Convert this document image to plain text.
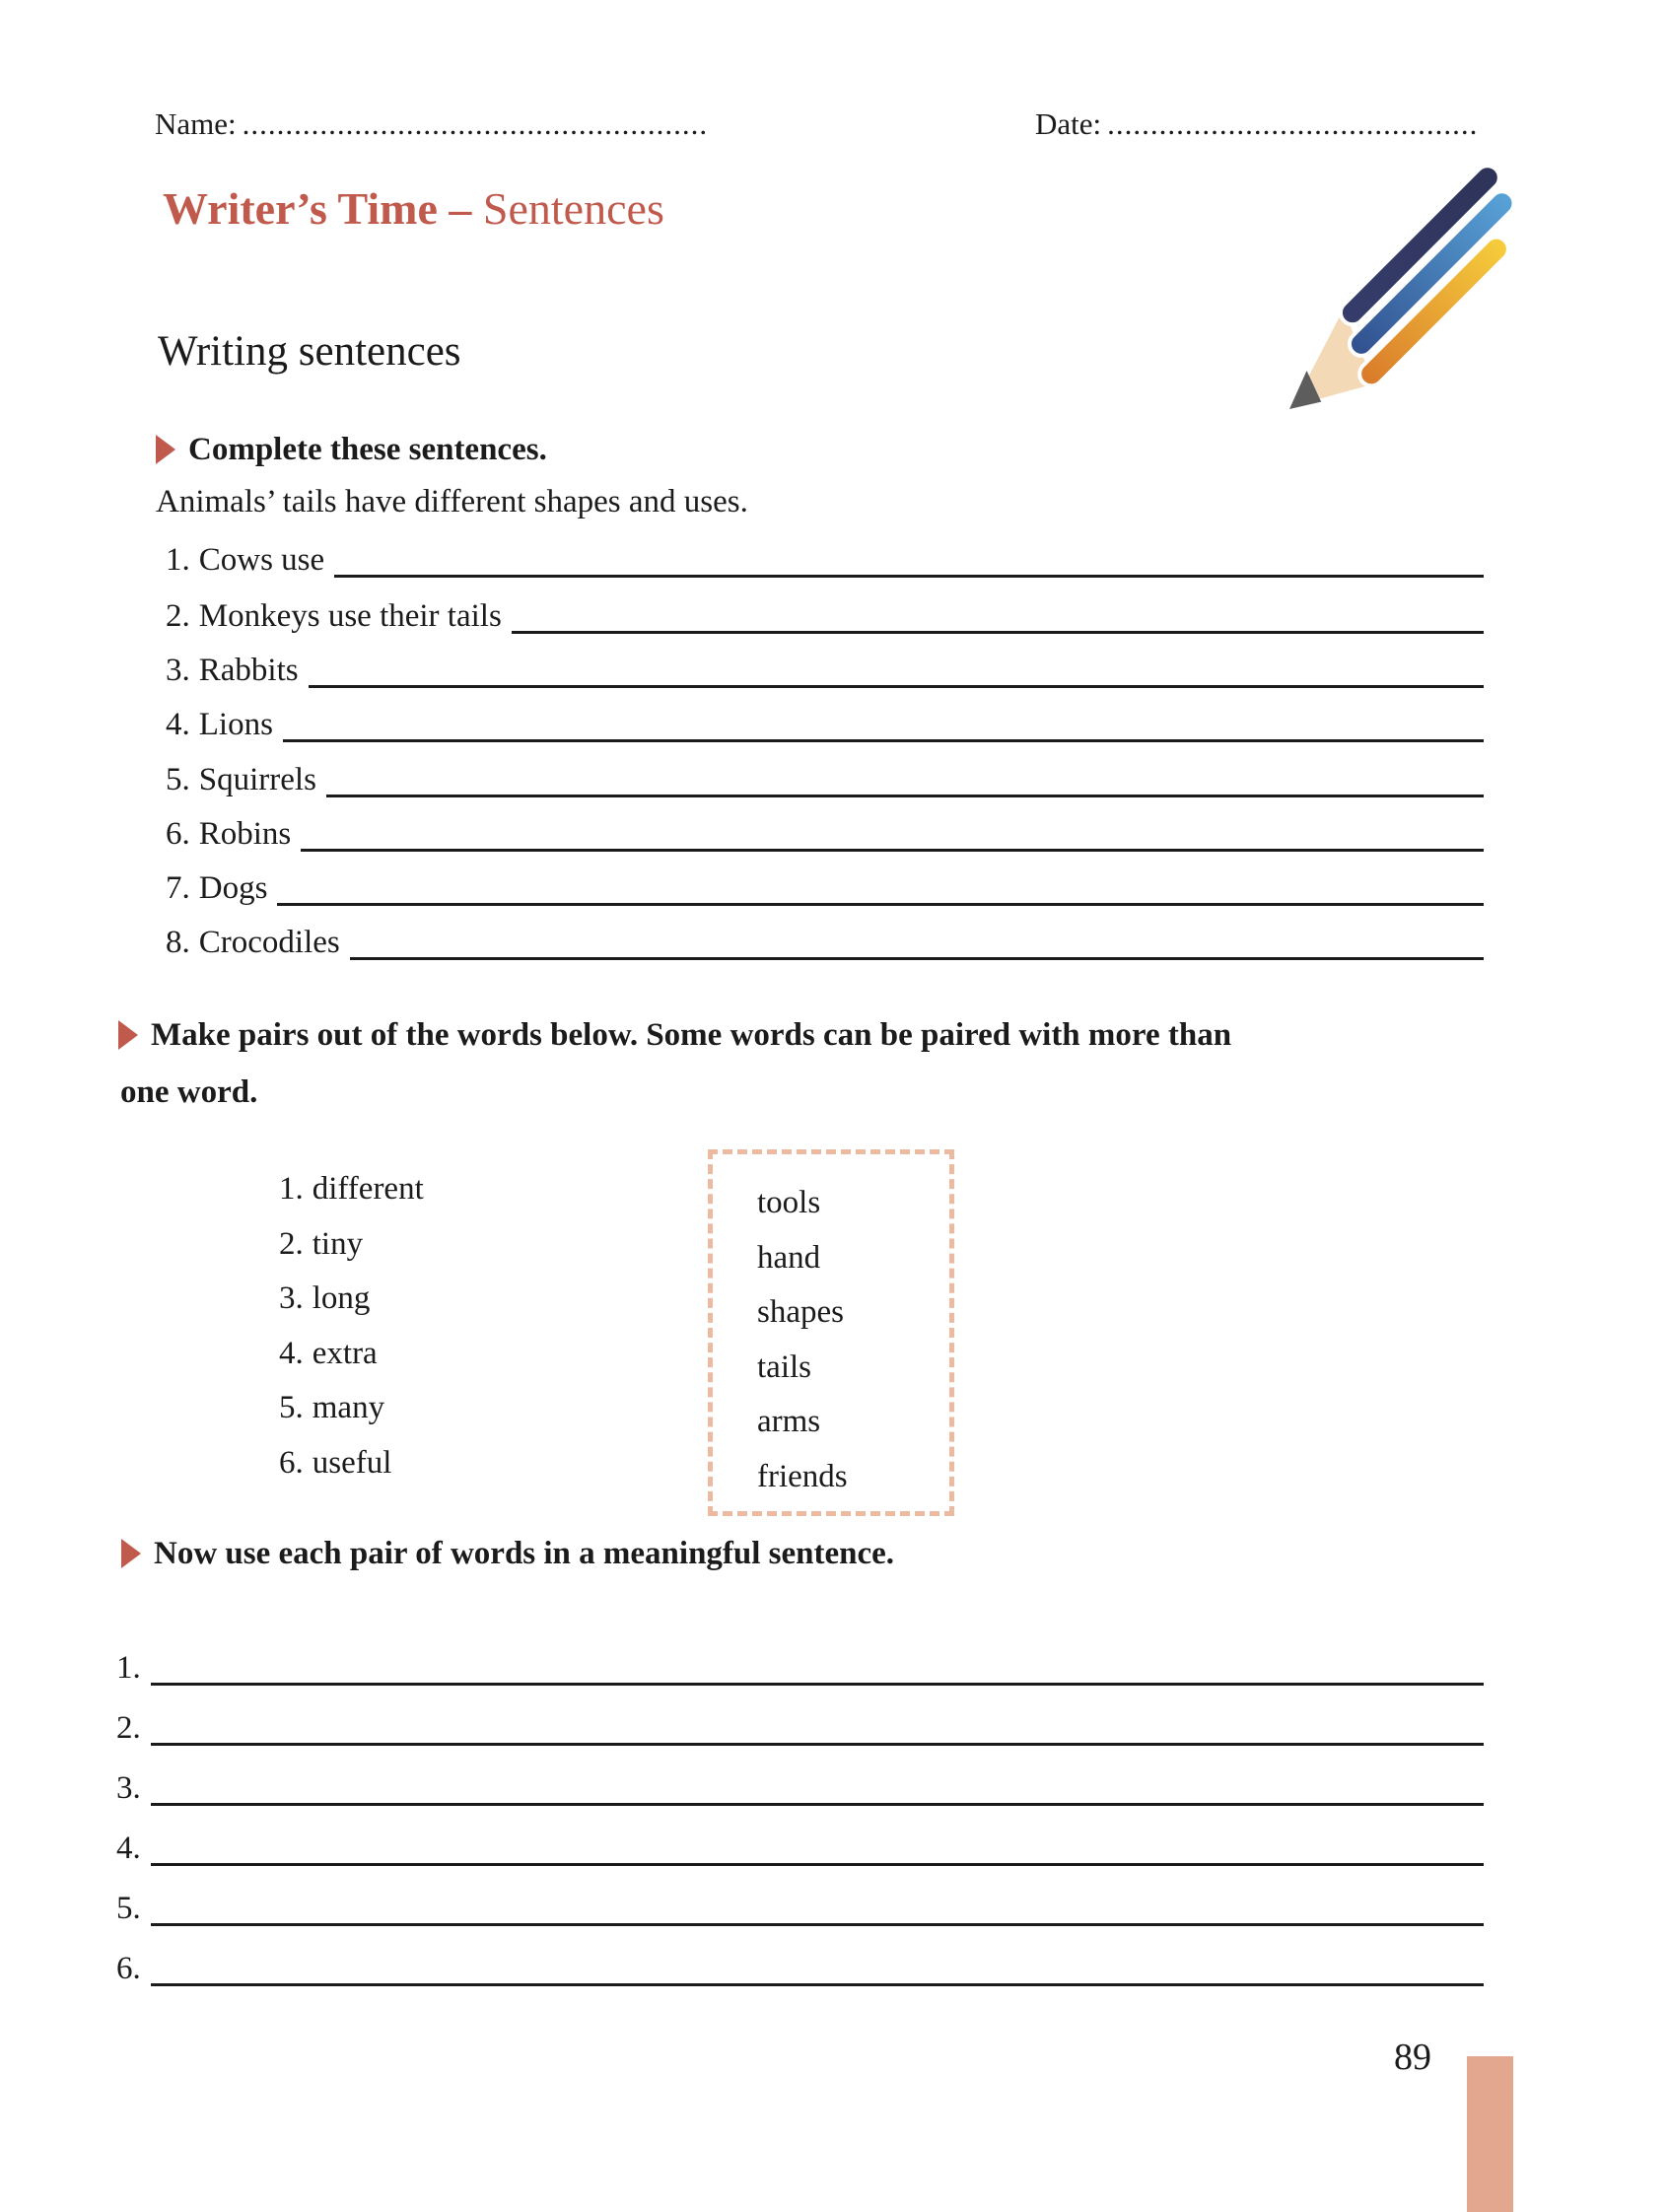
Name: ......................................................	Date: ...........................................
Writer’s Time – Sentences
Writing sentences
Complete these sentences.
Animals’ tails have different shapes and uses.
1. Cows use
2. Monkeys use their tails
3. Rabbits
4. Lions
5. Squirrels
6. Robins
7. Dogs
8. Crocodiles
Make pairs out of the words below. Some words can be paired with more than
one word.
1. different
2. tiny
3. long
4. extra
5. many
6. useful
tools
hand
shapes
tails
arms
friends
Now use each pair of words in a meaningful sentence.
1.
2.
3.
4.
5.
6.
89
